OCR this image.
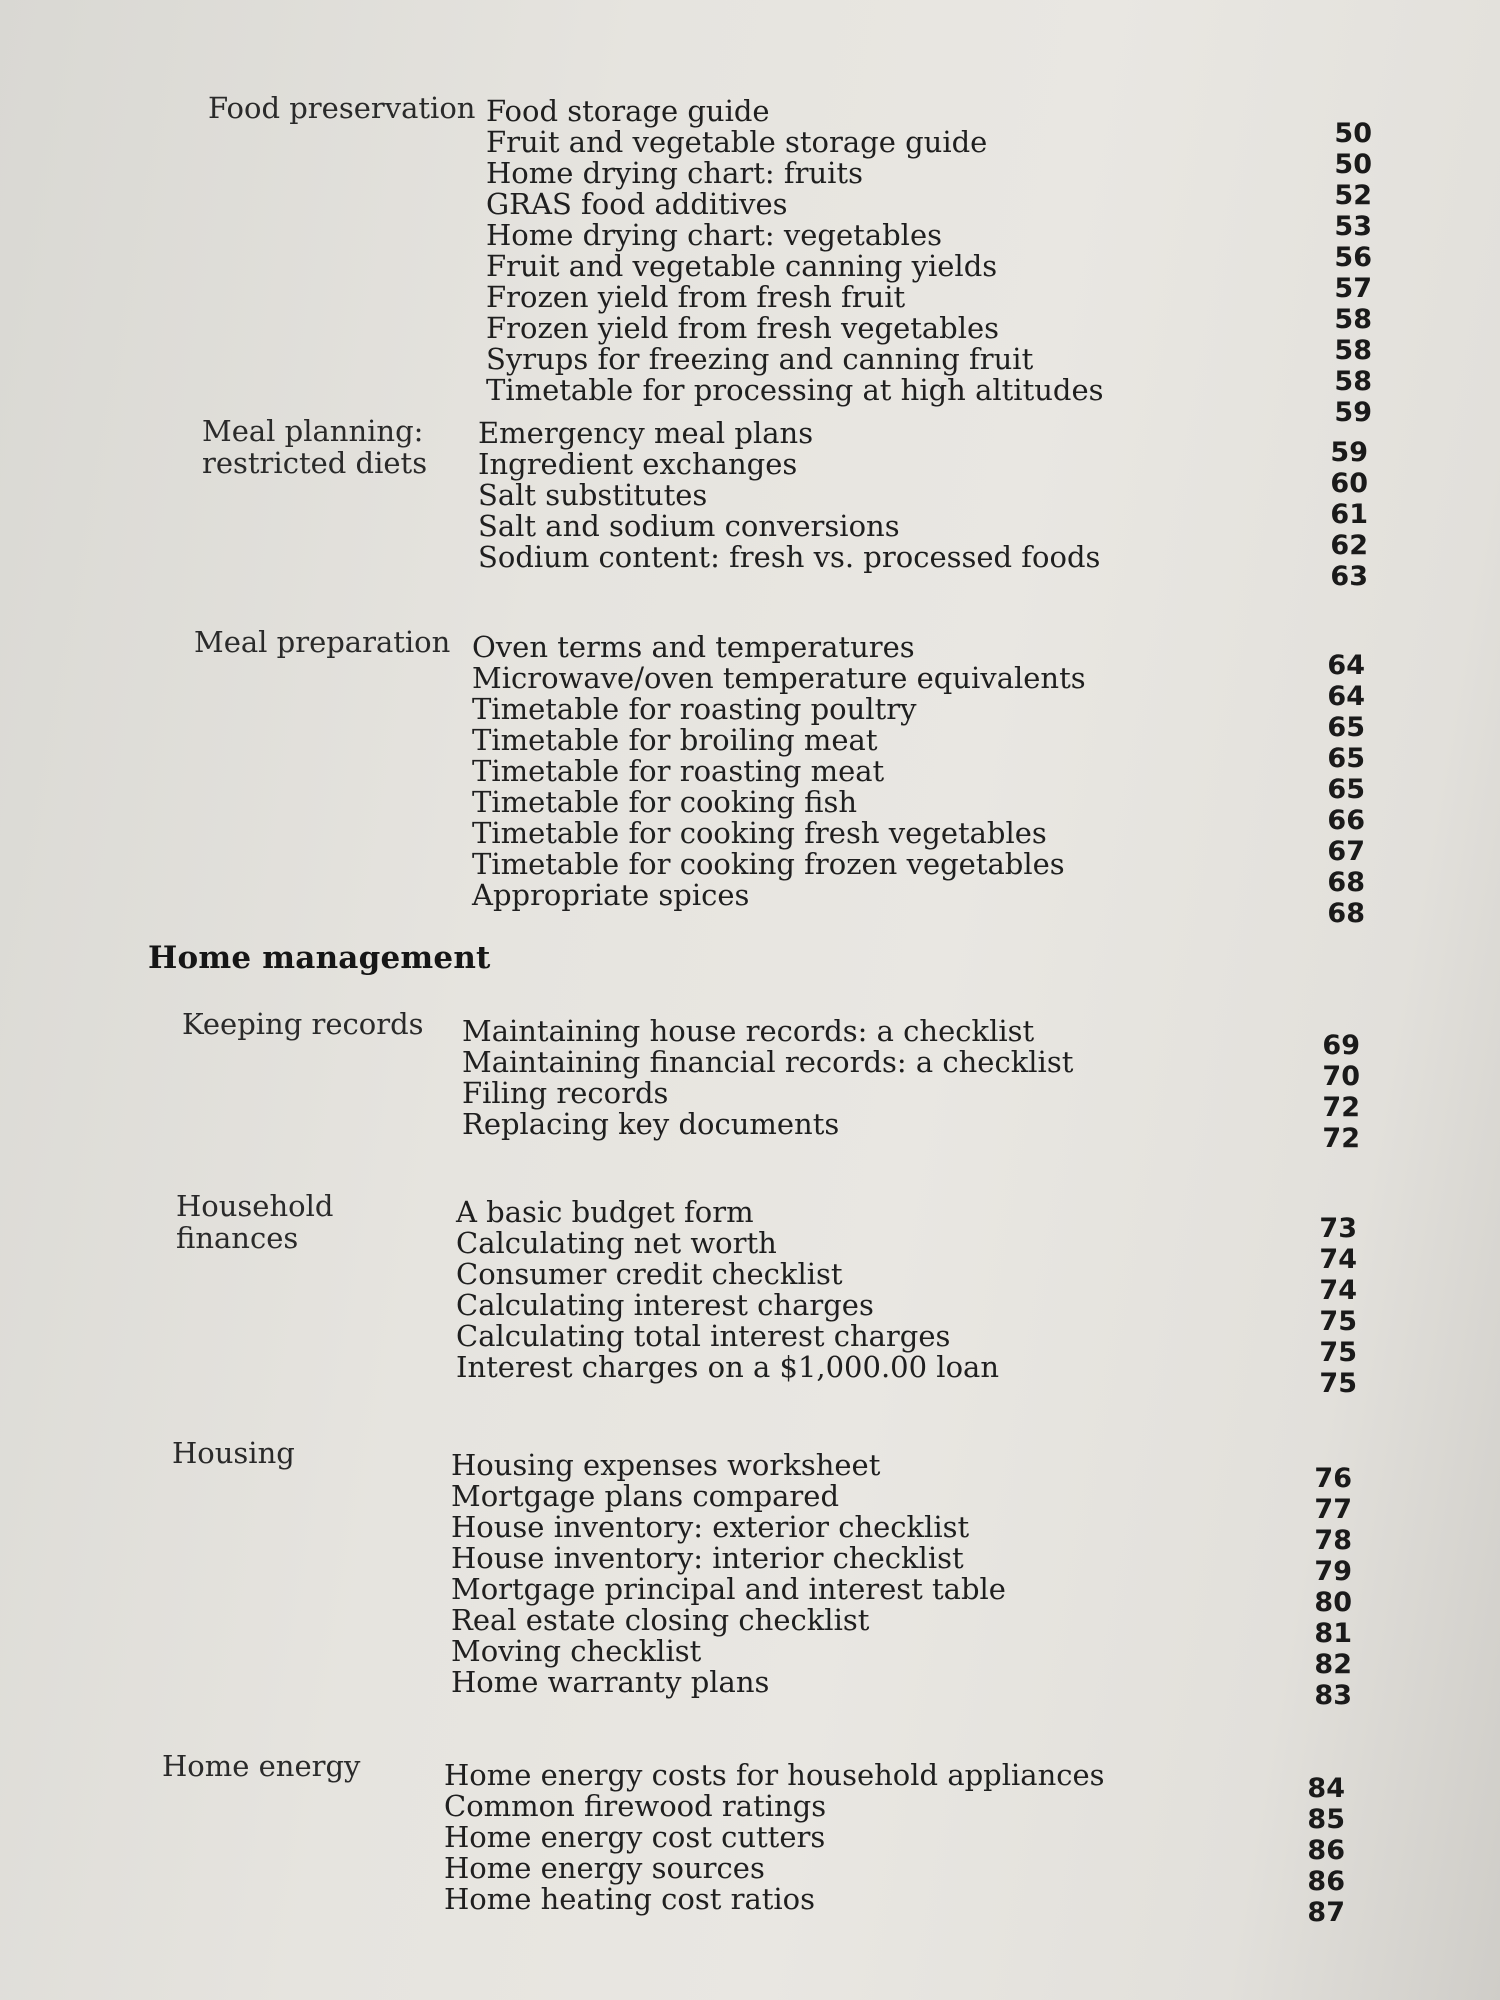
Food preservation Food storage guide
Fruit and vegetable storage guide
Home drying chart: fruits
GRAS food additives
Home drying chart: vegetables
Fruit and vegetable canning yields
Frozen yield from fresh fruit
Frozen yield from fresh vegetables
Syrups for freezing and canning fruit
Timetable for processing at high altitudes
50
50
52
53
56
57
58
58
58
59
Meal planning:
restricted diets
Emergency meal plans
Ingredient exchanges
Salt substitutes
Salt and sodium conversions
Sodium content: fresh vs. processed foods
59
60
61
62
63
Meal preparation Oven terms and temperatures
Microwave/oven temperature equivalents
Timetable for roasting poultry
Timetable for broiling meat
Timetable for roasting meat
Timetable for cooking fish
Timetable for cooking fresh vegetables
Timetable for cooking frozen vegetables
Appropriate spices
64
64
65
65
65
66
67
68
68
Home management
Keeping records Maintaining house records: a checklist
Maintaining financial records: a checklist
Filing records
Replacing key documents
69
70
72
72
Household
finances
A basic budget form
Calculating net worth
Consumer credit checklist
Calculating interest charges
Calculating total interest charges
Interest charges on a $1,000.00 loan
73
74
74
75
75
75
Housing	Housing expenses worksheet
Mortgage plans compared
House inventory: exterior checklist
House inventory: interior checklist
Mortgage principal and interest table
Real estate closing checklist
Moving checklist
Home warranty plans
76
77
78
79
80
81
82
83
Home energy	Home energy costs for household appliances
Common firewood ratings
Home energy cost cutters
Home energy sources
Home heating cost ratios
84
85
86
86
87
